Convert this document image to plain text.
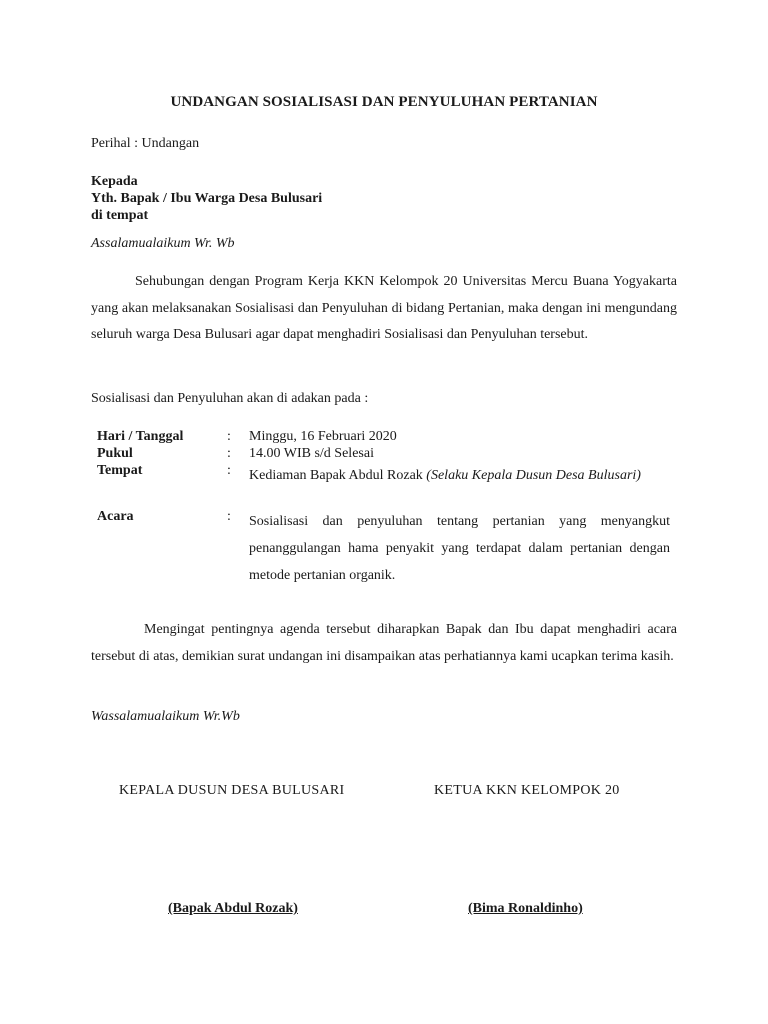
UNDANGAN SOSIALISASI DAN PENYULUHAN PERTANIAN
Perihal : Undangan
Kepada
Yth. Bapak / Ibu Warga Desa Bulusari
di tempat
Assalamualaikum Wr. Wb
Sehubungan dengan Program Kerja KKN Kelompok 20 Universitas Mercu Buana Yogyakarta yang akan melaksanakan Sosialisasi dan Penyuluhan di bidang Pertanian, maka dengan ini mengundang seluruh warga Desa Bulusari agar dapat menghadiri Sosialisasi dan Penyuluhan tersebut.
Sosialisasi dan Penyuluhan akan di adakan pada :
Hari / Tanggal	: Minggu, 16 Februari 2020
Pukul	: 14.00 WIB s/d Selesai
Tempat	: Kediaman Bapak Abdul Rozak (Selaku Kepala Dusun Desa Bulusari)
Acara	: Sosialisasi dan penyuluhan tentang pertanian yang menyangkut penanggulangan hama penyakit yang terdapat dalam pertanian dengan metode pertanian organik.
Mengingat pentingnya agenda tersebut diharapkan Bapak dan Ibu dapat menghadiri acara tersebut di atas, demikian surat undangan ini disampaikan atas perhatiannya kami ucapkan terima kasih.
Wassalamualaikum Wr.Wb
KEPALA DUSUN DESA BULUSARI	KETUA KKN KELOMPOK 20
(Bapak Abdul Rozak)	(Bima Ronaldinho)
